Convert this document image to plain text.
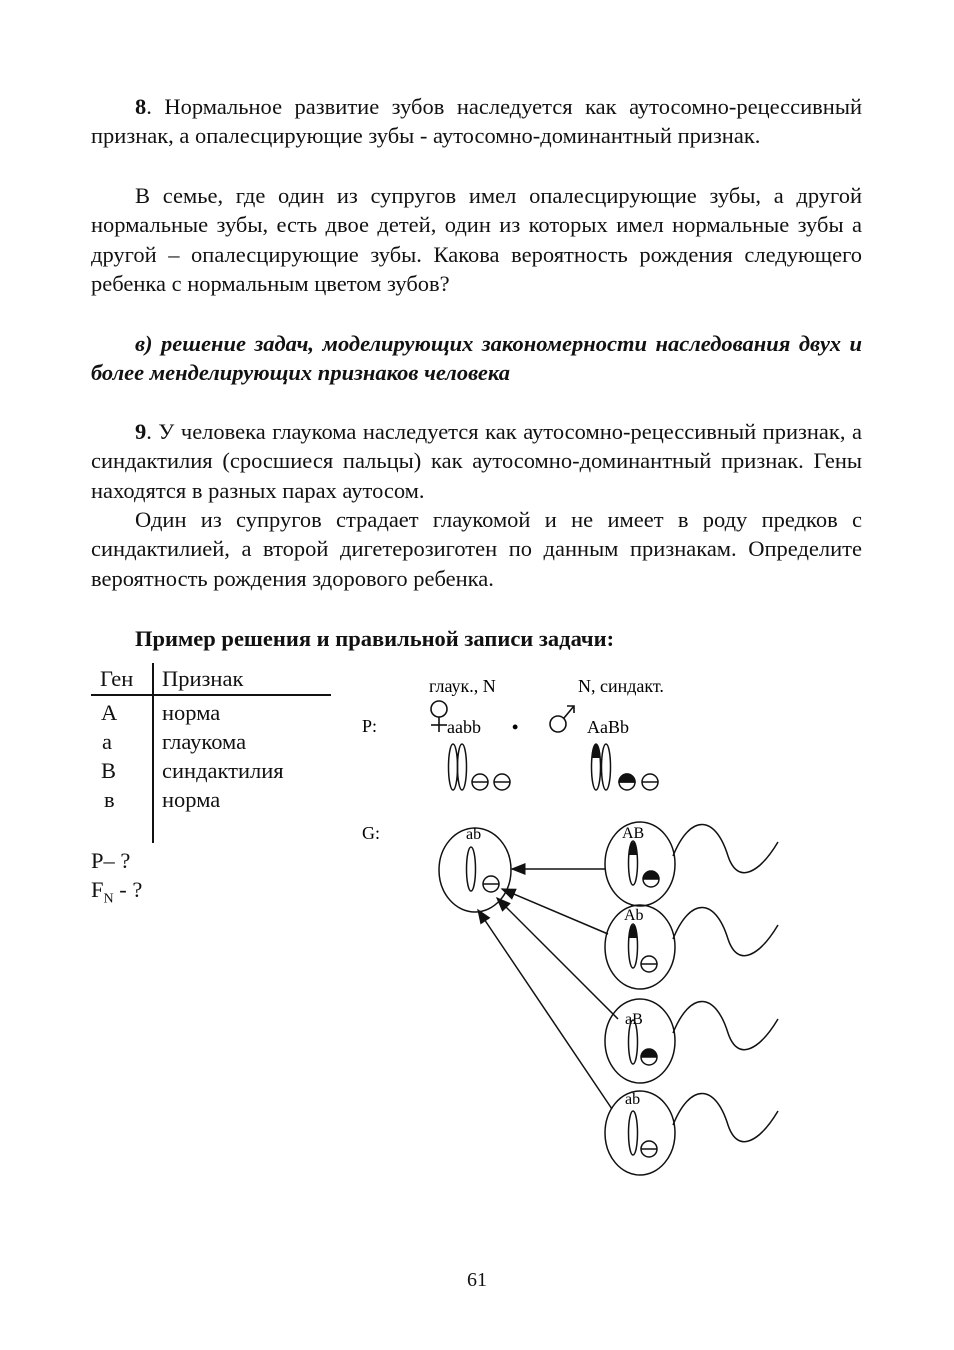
8. Нормальное развитие зубов наследуется как аутосомно-рецессивный признак, а опалесцирующие зубы - аутосомно-доминантный признак.

В семье, где один из супругов имел опалесцирующие зубы, а другой нормальные зубы, есть двое детей, один из которых имел нормальные зубы а другой – опалесцирующие зубы. Какова вероятность рождения следующего ребенка с нормальным цветом зубов?

в) решение задач, моделирующих закономерности наследования двух и более менделирующих признаков человека

9. У человека глаукома наследуется как аутосомно-рецессивный признак, а синдактилия (сросшиеся пальцы) как аутосомно-доминантный признак. Гены находятся в разных парах аутосом.

Один из супругов страдает глаукомой и не имеет в роду предков с синдактилией, а второй дигетерозиготен по данным признакам. Определите вероятность рождения здорового ребенка.

Пример решения и правильной записи задачи:

Ген Признак
А норма
а глаукома
В синдактилия
в норма
Р– ?
$F_N$ - ?
глаук., N	N, синдакт.
P:
G:
aabb •	AaBb
ab	AB
Ab
aB
ab
61
